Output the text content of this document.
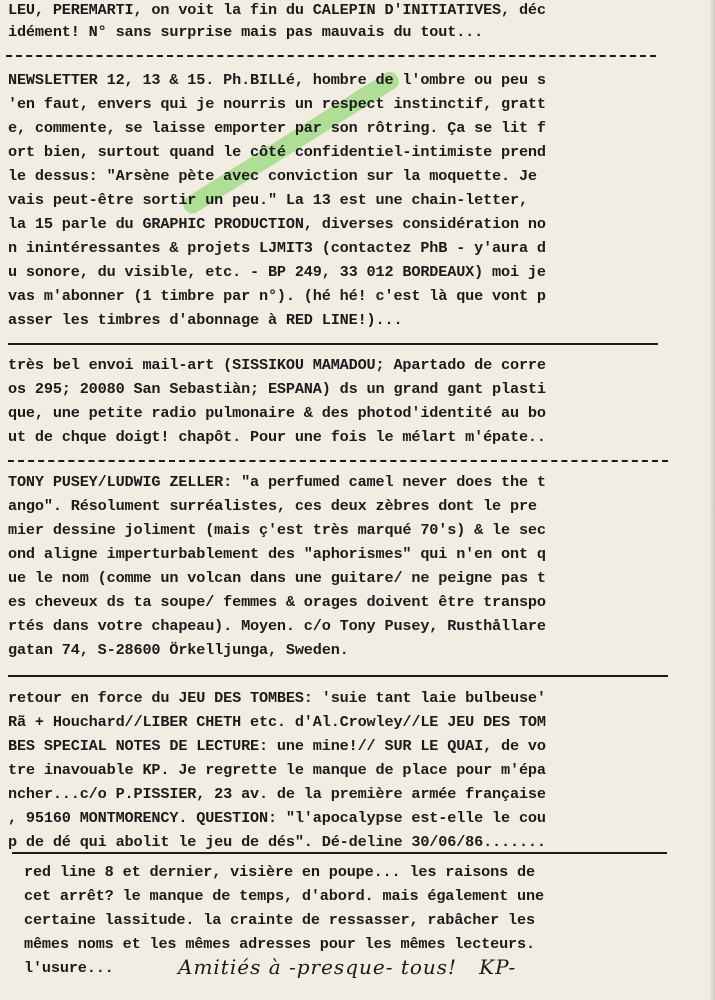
LEU, PEREMARTI, on voit la fin du CALEPIN D'INITIATIVES, déc
idément! N° sans surprise mais pas mauvais du tout...
NEWSLETTER 12, 13 & 15. Ph.BILLé, hombre de l'ombre ou peu s
'en faut, envers qui je nourris un respect instinctif, gratt
e, commente, se laisse emporter par son rôtring. Ça se lit f
ort bien, surtout quand le côté confidentiel-intimiste prend
le dessus: "Arsène pète avec conviction sur la moquette. Je
vais peut-être sortir un peu." La 13 est une chain-letter,
la 15 parle du GRAPHIC PRODUCTION, diverses considération no
n inintéressantes & projets LJMIT3 (contactez PhB - y'aura d
u sonore, du visible, etc. - BP 249, 33 012 BORDEAUX) moi je
vas m'abonner (1 timbre par n°). (hé hé! c'est là que vont p
asser les timbres d'abonnage à RED LINE!)...
très bel envoi mail-art (SISSIKOU MAMADOU; Apartado de corre
os 295; 20080 San Sebastiàn; ESPANA) ds un grand gant plasti
que, une petite radio pulmonaire & des photod'identité au bo
ut de chque doigt! chapôt. Pour une fois le mélart m'épate..
TONY PUSEY/LUDWIG ZELLER: "a perfumed camel never does the t
ango". Résolument surréalistes, ces deux zèbres dont le pre
mier dessine joliment (mais ç'est très marqué 70's) & le sec
ond aligne imperturbablement des "aphorismes" qui n'en ont q
ue le nom (comme un volcan dans une guitare/ ne peigne pas t
es cheveux ds ta soupe/ femmes & orages doivent être transpo
rtés dans votre chapeau). Moyen. c/o Tony Pusey, Rusthållare
gatan 74, S-28600 Örkelljunga, Sweden.
retour en force du JEU DES TOMBES: 'suie tant laie bulbeuse'
Rã + Houchard//LIBER CHETH etc. d'Al.Crowley//LE JEU DES TOM
BES SPECIAL NOTES DE LECTURE: une mine!// SUR LE QUAI, de vo
tre inavouable KP. Je regrette le manque de place pour m'épa
ncher...c/o P.PISSIER, 23 av. de la première armée française
, 95160 MONTMORENCY. QUESTION: "l'apocalypse est-elle le cou
p de dé qui abolit le jeu de dés". Dé-deline 30/06/86.......
red line 8 et dernier, visière en poupe... les raisons de
cet arrêt? le manque de temps, d'abord. mais également une
certaine lassitude. la crainte de ressasser, rabâcher les
mêmes noms et les mêmes adresses pour les mêmes lecteurs.
l'usure...	Amitiés à -presque- tous!   KP-
